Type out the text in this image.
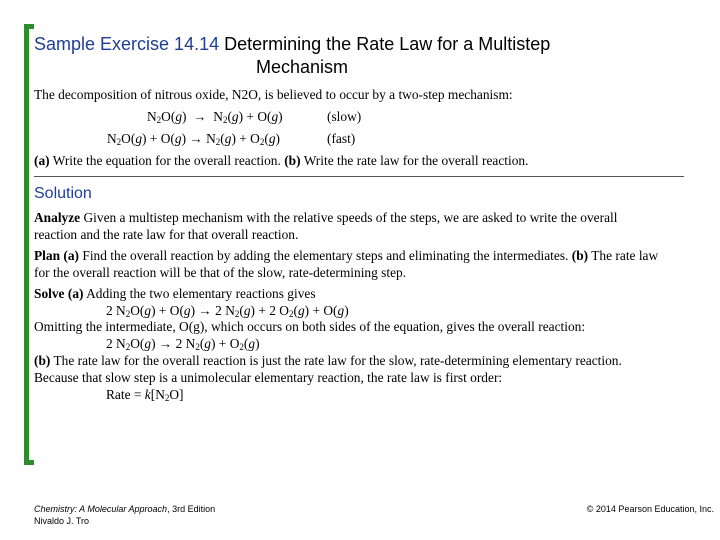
Sample Exercise 14.14 Determining the Rate Law for a Multistep
Mechanism
The decomposition of nitrous oxide, N2O, is believed to occur by a two-step mechanism:
$N_2O(g) \to N_2(g) + O(g)$	(slow)
$N_2O(g) + O(g) \to N_2(g) + O_2(g)$	(fast)
(a) Write the equation for the overall reaction. (b) Write the rate law for the overall reaction.
Solution
Analyze Given a multistep mechanism with the relative speeds of the steps, we are asked to write the overall
reaction and the rate law for that overall reaction.
Plan (a) Find the overall reaction by adding the elementary steps and eliminating the intermediates. (b) The rate law
for the overall reaction will be that of the slow, rate-determining step.
Solve (a) Adding the two elementary reactions gives
2 $N_2O(g) + O(g) \to 2$ $N_2(g) + 2$ $O_2(g) + O(g)$
Omitting the intermediate, O(g), which occurs on both sides of the equation, gives the overall reaction:
2 $N_2O(g) \to 2$ $N_2(g) + O_2(g)$
(b) The rate law for the overall reaction is just the rate law for the slow, rate-determining elementary reaction.
Because that slow step is a unimolecular elementary reaction, the rate law is first order:
Rate = $k[N_2O]$
Chemistry: A Molecular Approach, 3rd Edition
Nivaldo J. Tro
© 2014 Pearson Education, Inc.
